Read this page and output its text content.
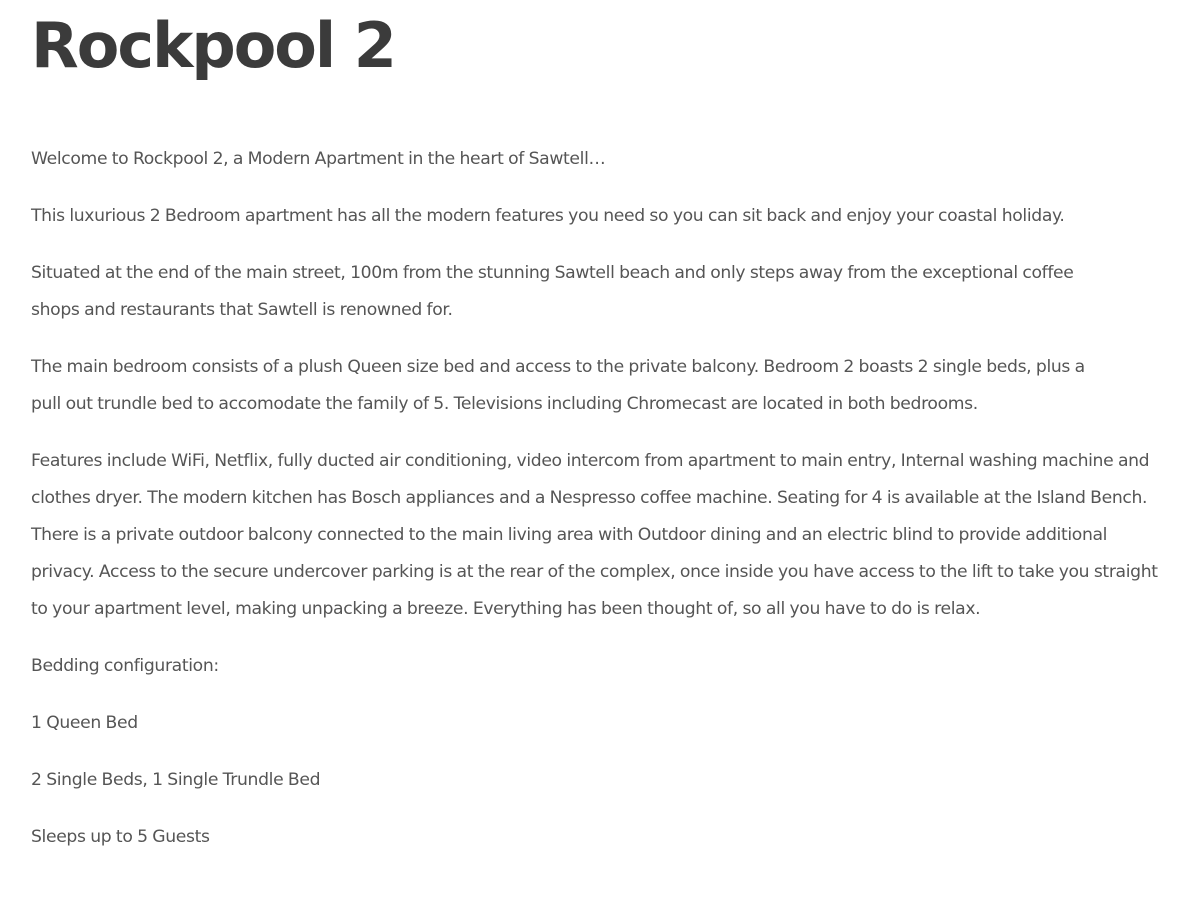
Rockpool 2

Welcome to Rockpool 2, a Modern Apartment in the heart of Sawtell…

This luxurious 2 Bedroom apartment has all the modern features you need so you can sit back and enjoy your coastal holiday.

Situated at the end of the main street, 100m from the stunning Sawtell beach and only steps away from the exceptional coffee shops and restaurants that Sawtell is renowned for.

The main bedroom consists of a plush Queen size bed and access to the private balcony. Bedroom 2 boasts 2 single beds, plus a pull out trundle bed to accomodate the family of 5. Televisions including Chromecast are located in both bedrooms.

Features include WiFi, Netflix, fully ducted air conditioning, video intercom from apartment to main entry, Internal washing machine and clothes dryer. The modern kitchen has Bosch appliances and a Nespresso coffee machine. Seating for 4 is available at the Island Bench. There is a private outdoor balcony connected to the main living area with Outdoor dining and an electric blind to provide additional privacy. Access to the secure undercover parking is at the rear of the complex, once inside you have access to the lift to take you straight to your apartment level, making unpacking a breeze. Everything has been thought of, so all you have to do is relax.

Bedding configuration:

1 Queen Bed

2 Single Beds, 1 Single Trundle Bed

Sleeps up to 5 Guests
